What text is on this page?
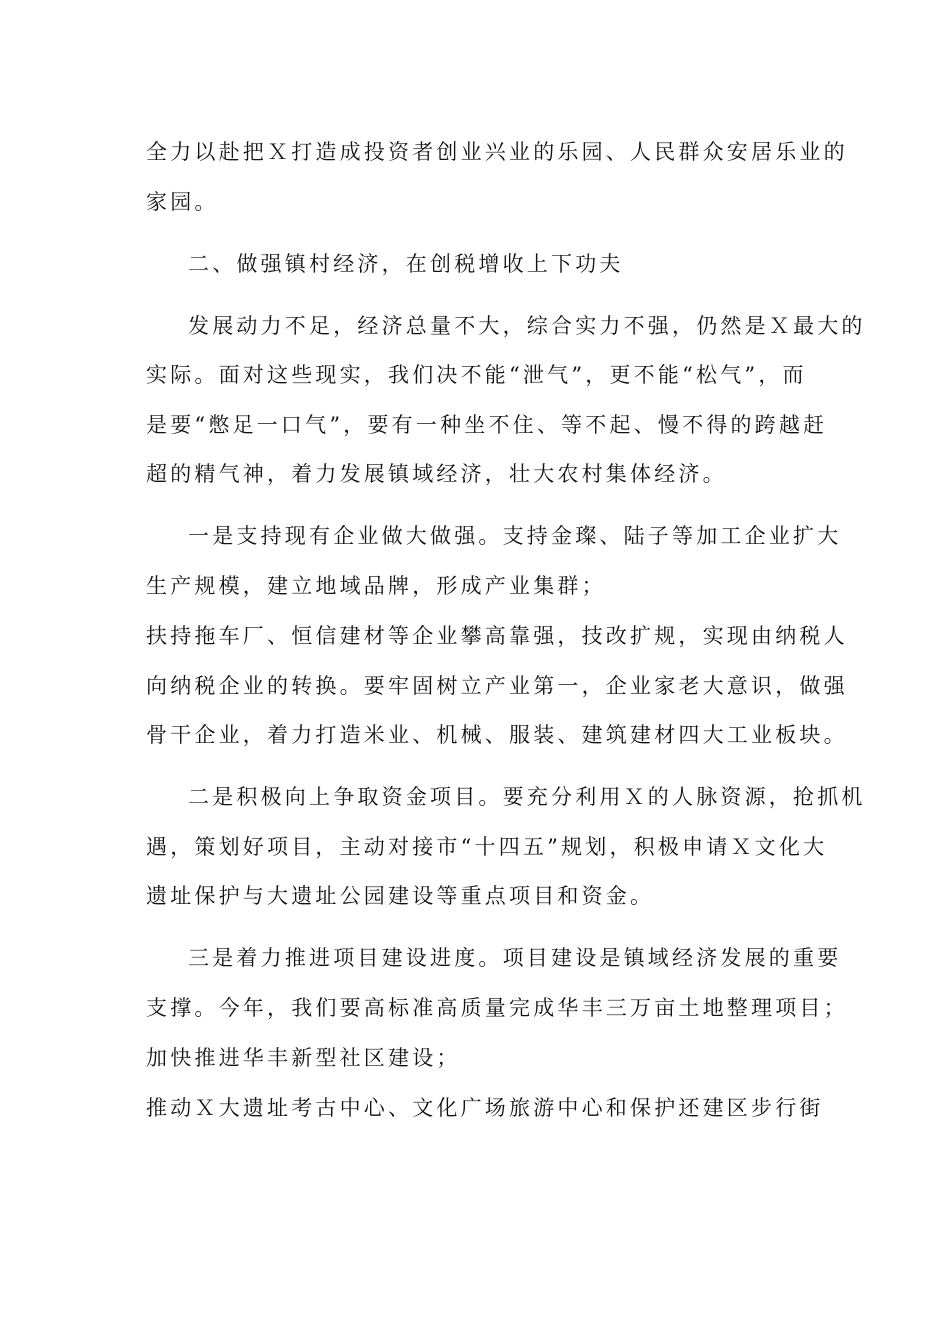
全力以赴把Ｘ打造成投资者创业兴业的乐园、人民群众安居乐业的
家园。
二、做强镇村经济，在创税增收上下功夫
发展动力不足，经济总量不大，综合实力不强，仍然是Ｘ最大的
实际。面对这些现实，我们决不能“泄气”，更不能“松气”，而
是要“憋足一口气”，要有一种坐不住、等不起、慢不得的跨越赶
超的精气神，着力发展镇域经济，壮大农村集体经济。
一是支持现有企业做大做强。支持金璨、陆子等加工企业扩大
生产规模，建立地域品牌，形成产业集群；
扶持拖车厂、恒信建材等企业攀高靠强，技改扩规，实现由纳税人
向纳税企业的转换。要牢固树立产业第一，企业家老大意识，做强
骨干企业，着力打造米业、机械、服装、建筑建材四大工业板块。
二是积极向上争取资金项目。要充分利用Ｘ的人脉资源，抢抓机
遇，策划好项目，主动对接市“十四五”规划，积极申请Ｘ文化大
遗址保护与大遗址公园建设等重点项目和资金。
三是着力推进项目建设进度。项目建设是镇域经济发展的重要
支撑。今年，我们要高标准高质量完成华丰三万亩土地整理项目；
加快推进华丰新型社区建设；
推动Ｘ大遗址考古中心、文化广场旅游中心和保护还建区步行街
